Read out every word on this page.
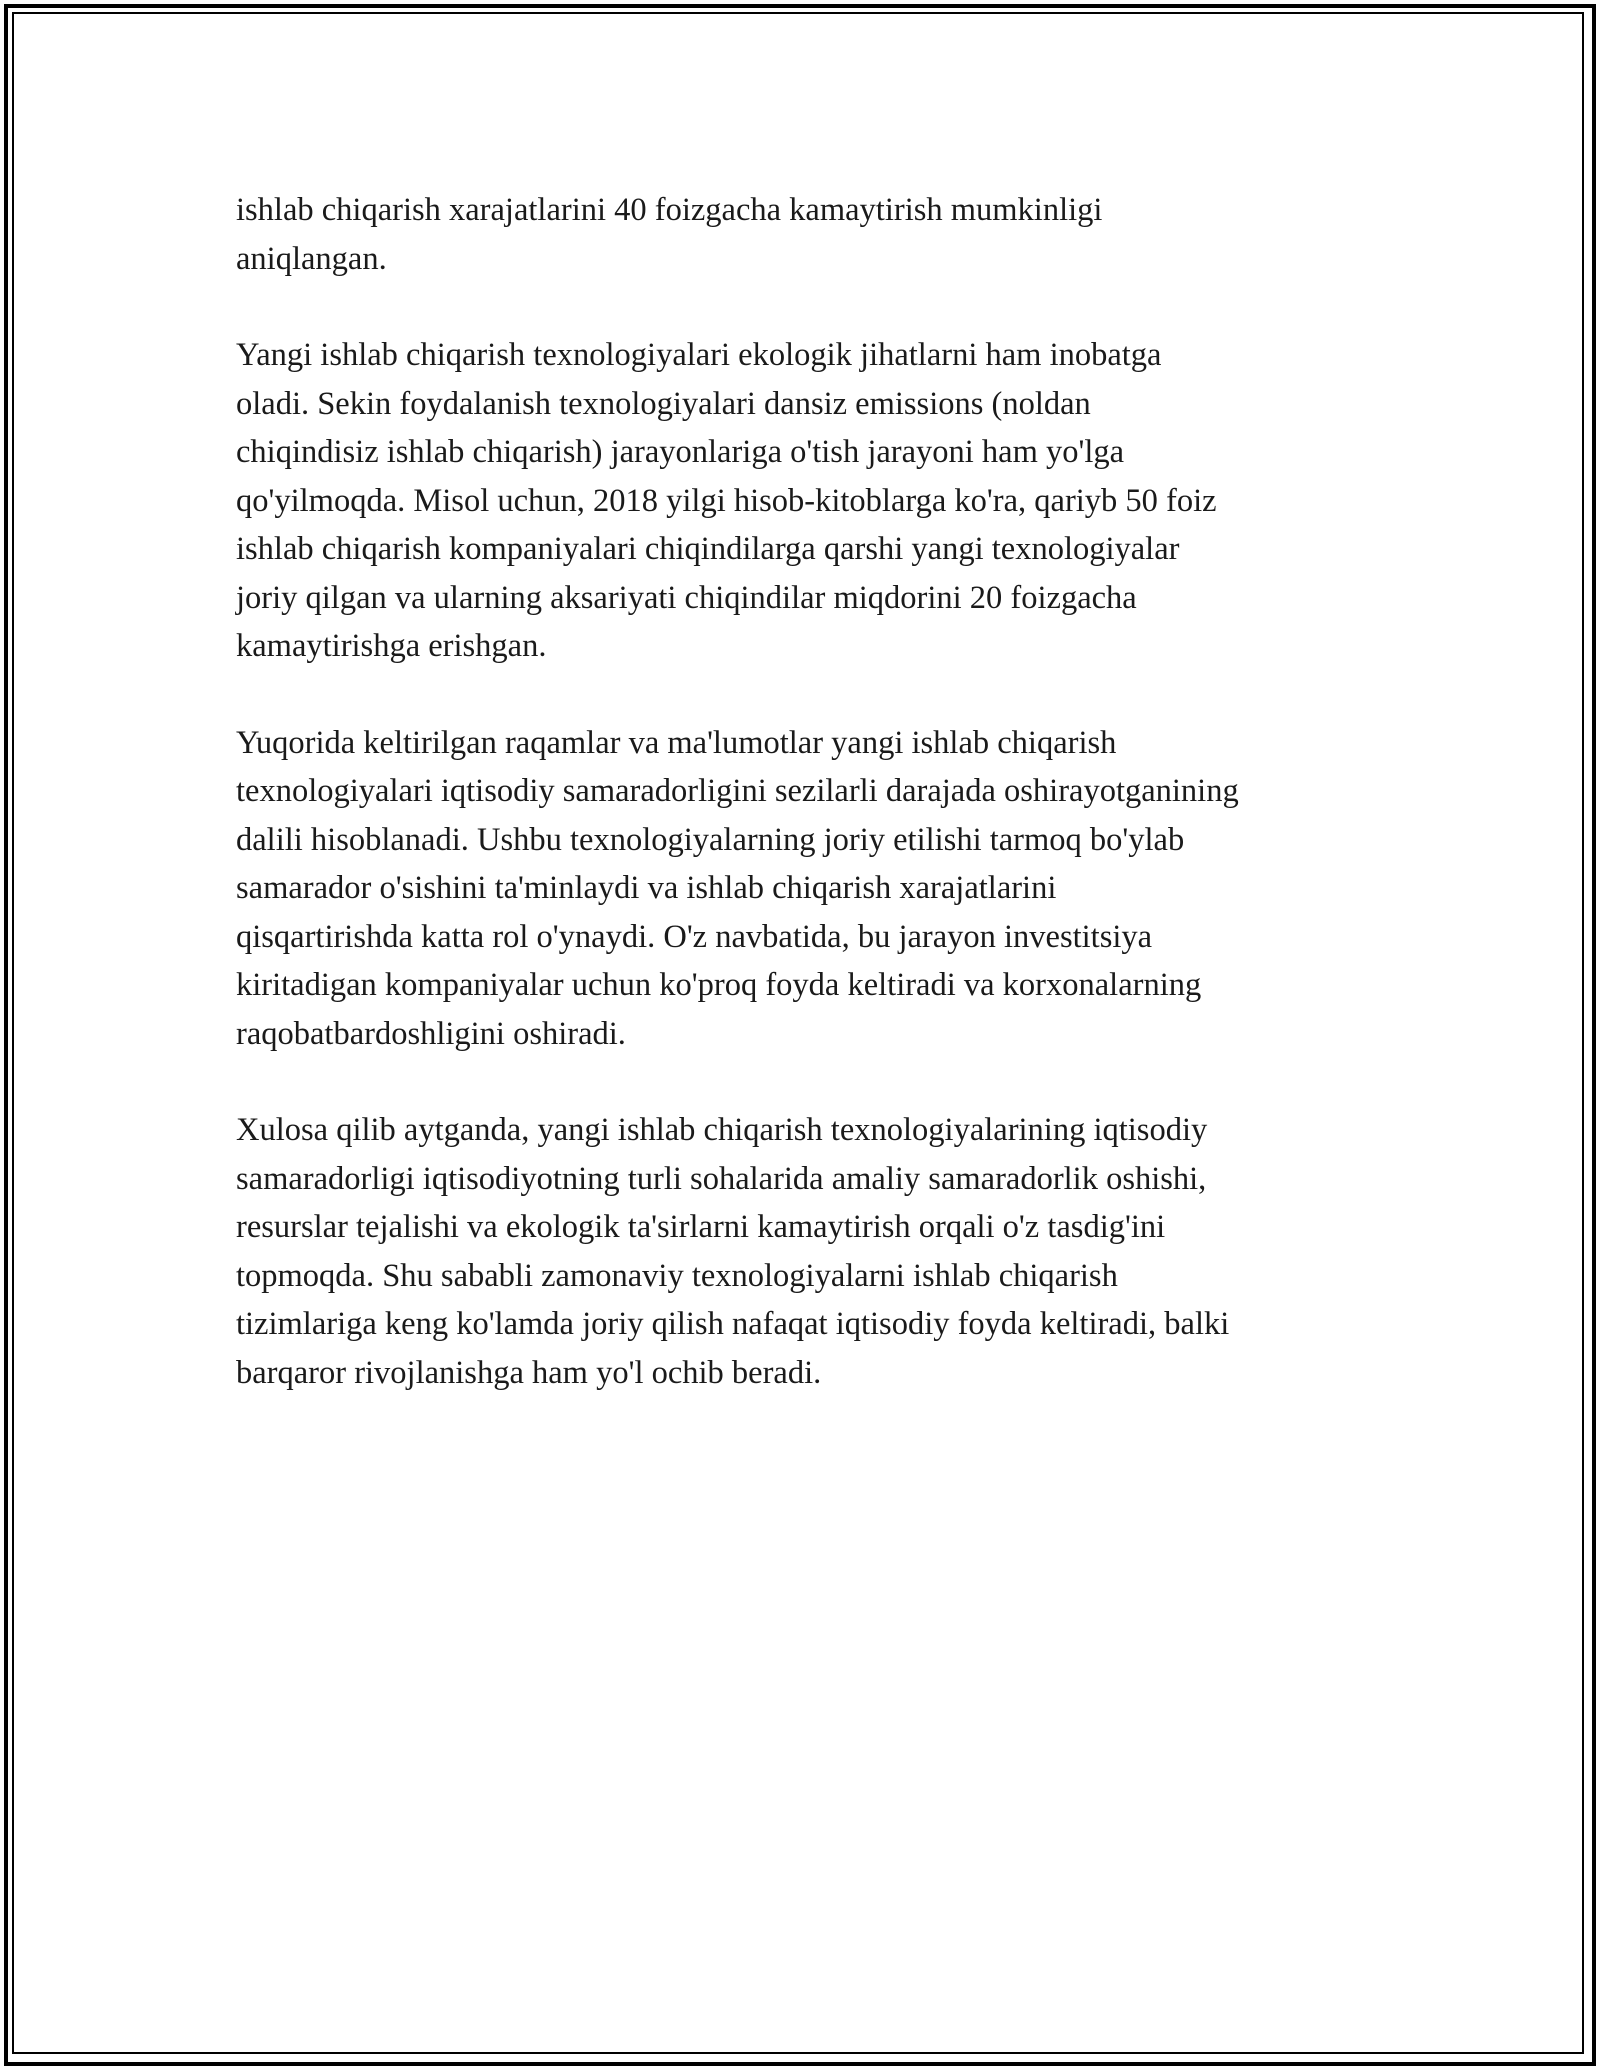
ishlab chiqarish xarajatlarini 40 foizgacha kamaytirish mumkinligi
aniqlangan.

Yangi ishlab chiqarish texnologiyalari ekologik jihatlarni ham inobatga
oladi. Sekin foydalanish texnologiyalari dansiz emissions (noldan
chiqindisiz ishlab chiqarish) jarayonlariga o'tish jarayoni ham yo'lga
qo'yilmoqda. Misol uchun, 2018 yilgi hisob-kitoblarga ko'ra, qariyb 50 foiz
ishlab chiqarish kompaniyalari chiqindilarga qarshi yangi texnologiyalar
joriy qilgan va ularning aksariyati chiqindilar miqdorini 20 foizgacha
kamaytirishga erishgan.

Yuqorida keltirilgan raqamlar va ma'lumotlar yangi ishlab chiqarish
texnologiyalari iqtisodiy samaradorligini sezilarli darajada oshirayotganining
dalili hisoblanadi. Ushbu texnologiyalarning joriy etilishi tarmoq bo'ylab
samarador o'sishini ta'minlaydi va ishlab chiqarish xarajatlarini
qisqartirishda katta rol o'ynaydi. O'z navbatida, bu jarayon investitsiya
kiritadigan kompaniyalar uchun ko'proq foyda keltiradi va korxonalarning
raqobatbardoshligini oshiradi.

Xulosa qilib aytganda, yangi ishlab chiqarish texnologiyalarining iqtisodiy
samaradorligi iqtisodiyotning turli sohalarida amaliy samaradorlik oshishi,
resurslar tejalishi va ekologik ta'sirlarni kamaytirish orqali o'z tasdig'ini
topmoqda. Shu sababli zamonaviy texnologiyalarni ishlab chiqarish
tizimlariga keng ko'lamda joriy qilish nafaqat iqtisodiy foyda keltiradi, balki
barqaror rivojlanishga ham yo'l ochib beradi.
